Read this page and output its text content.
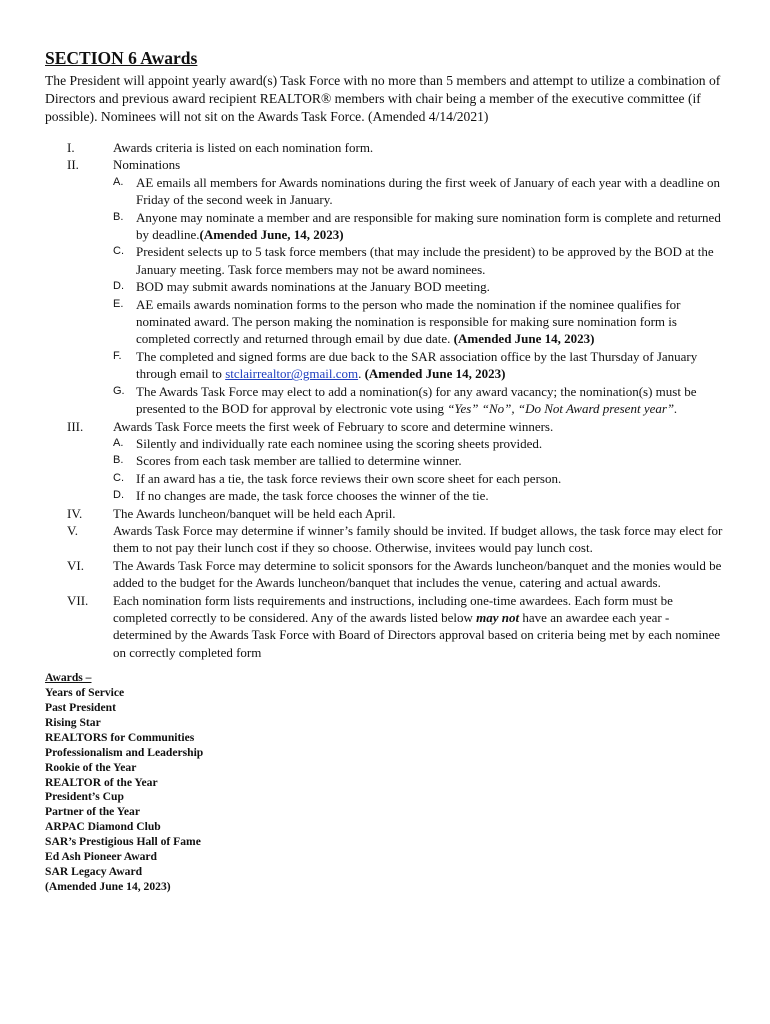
SECTION 6 Awards

The President will appoint yearly award(s) Task Force with no more than 5 members and attempt to utilize a combination of Directors and previous award recipient REALTOR® members with chair being a member of the executive committee (if possible). Nominees will not sit on the Awards Task Force. (Amended 4/14/2021)

I.	Awards criteria is listed on each nomination form.
II.	Nominations
A. AE emails all members for Awards nominations during the first week of January of each year with a deadline on Friday of the second week in January.
B. Anyone may nominate a member and are responsible for making sure nomination form is complete and returned by deadline.(Amended June, 14, 2023)
C. President selects up to 5 task force members (that may include the president) to be approved by the BOD at the January meeting. Task force members may not be award nominees.
D. BOD may submit awards nominations at the January BOD meeting.
E. AE emails awards nomination forms to the person who made the nomination if the nominee qualifies for nominated award. The person making the nomination is responsible for making sure nomination form is completed correctly and returned through email by due date. (Amended June 14, 2023)
F.	The completed and signed forms are due back to the SAR association office by the last Thursday of January through email to stclairrealtor@gmail.com. (Amended June 14, 2023)
G. The Awards Task Force may elect to add a nomination(s) for any award vacancy; the nomination(s) must be presented to the BOD for approval by electronic vote using “Yes” “No”, “Do Not Award present year”.
III.	Awards Task Force meets the first week of February to score and determine winners.
A. Silently and individually rate each nominee using the scoring sheets provided.
B. Scores from each task member are tallied to determine winner.
C. If an award has a tie, the task force reviews their own score sheet for each person.
D. If no changes are made, the task force chooses the winner of the tie.
IV.	The Awards luncheon/banquet will be held each April.
V.	Awards Task Force may determine if winner’s family should be invited. If budget allows, the task force may elect for them to not pay their lunch cost if they so choose. Otherwise, invitees would pay lunch cost.
VI.	The Awards Task Force may determine to solicit sponsors for the Awards luncheon/banquet and the monies would be added to the budget for the Awards luncheon/banquet that includes the venue, catering and actual awards.
VII.	Each nomination form lists requirements and instructions, including one-time awardees. Each form must be completed correctly to be considered. Any of the awards listed below may not have an awardee each year - determined by the Awards Task Force with Board of Directors approval based on criteria being met by each nominee on correctly completed form
Awards –
Years of Service
Past President
Rising Star
REALTORS for Communities
Professionalism and Leadership
Rookie of the Year
REALTOR of the Year
President’s Cup
Partner of the Year
ARPAC Diamond Club
SAR’s Prestigious Hall of Fame
Ed Ash Pioneer Award
SAR Legacy Award
(Amended June 14, 2023)
